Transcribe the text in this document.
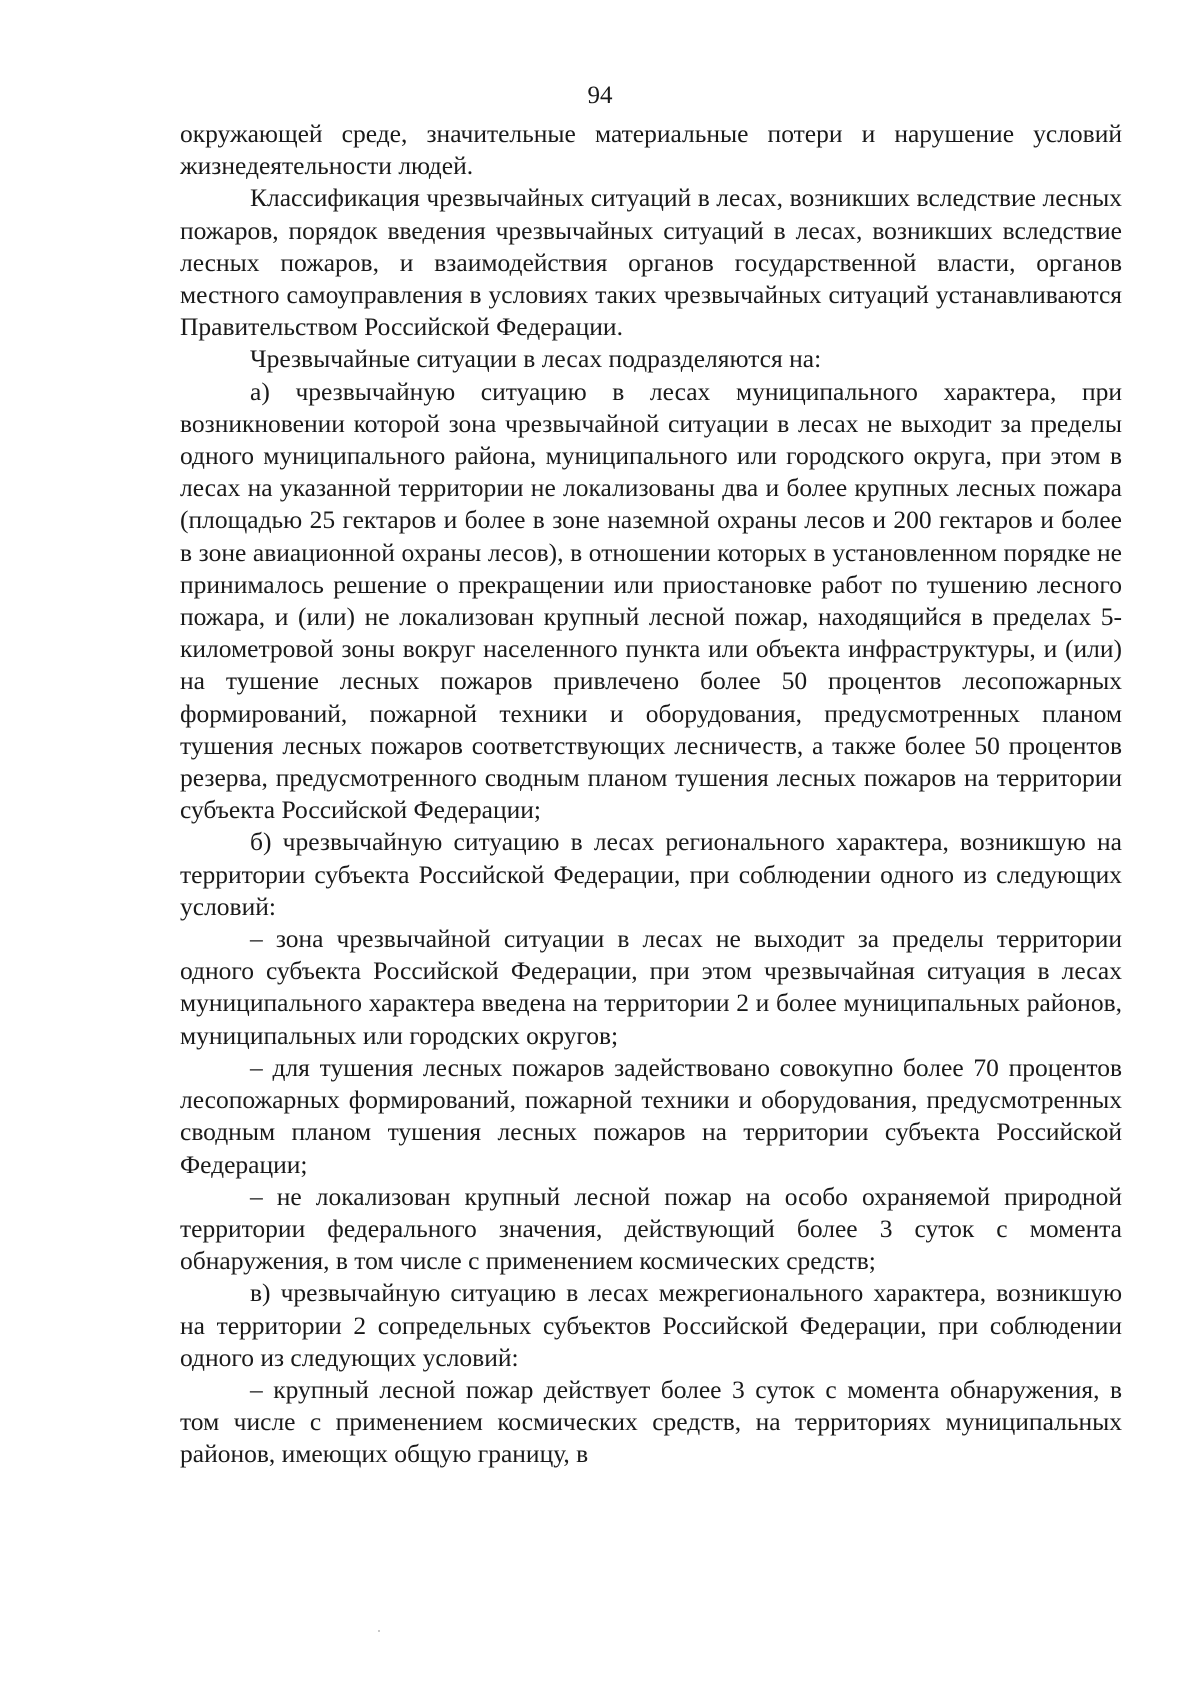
94

окружающей среде, значительные материальные потери и нарушение условий жизнедеятельности людей.

Классификация чрезвычайных ситуаций в лесах, возникших вследствие лесных пожаров, порядок введения чрезвычайных ситуаций в лесах, возникших вследствие лесных пожаров, и взаимодействия органов государственной власти, органов местного самоуправления в условиях таких чрезвычайных ситуаций устанавливаются Правительством Российской Федерации.

Чрезвычайные ситуации в лесах подразделяются на:

а) чрезвычайную ситуацию в лесах муниципального характера, при возникновении которой зона чрезвычайной ситуации в лесах не выходит за пределы одного муниципального района, муниципального или городского округа, при этом в лесах на указанной территории не локализованы два и более крупных лесных пожара (площадью 25 гектаров и более в зоне наземной охраны лесов и 200 гектаров и более в зоне авиационной охраны лесов), в отношении которых в установленном порядке не принималось решение о прекращении или приостановке работ по тушению лесного пожара, и (или) не локализован крупный лесной пожар, находящийся в пределах 5-километровой зоны вокруг населенного пункта или объекта инфраструктуры, и (или) на тушение лесных пожаров привлечено более 50 процентов лесопожарных формирований, пожарной техники и оборудования, предусмотренных планом тушения лесных пожаров соответствующих лесничеств, а также более 50 процентов резерва, предусмотренного сводным планом тушения лесных пожаров на территории субъекта Российской Федерации;

б) чрезвычайную ситуацию в лесах регионального характера, возникшую на территории субъекта Российской Федерации, при соблюдении одного из следующих условий:

– зона чрезвычайной ситуации в лесах не выходит за пределы территории одного субъекта Российской Федерации, при этом чрезвычайная ситуация в лесах муниципального характера введена на территории 2 и более муниципальных районов, муниципальных или городских округов;

– для тушения лесных пожаров задействовано совокупно более 70 процентов лесопожарных формирований, пожарной техники и оборудования, предусмотренных сводным планом тушения лесных пожаров на территории субъекта Российской Федерации;

– не локализован крупный лесной пожар на особо охраняемой природной территории федерального значения, действующий более 3 суток с момента обнаружения, в том числе с применением космических средств;

в) чрезвычайную ситуацию в лесах межрегионального характера, возникшую на территории 2 сопредельных субъектов Российской Федерации, при соблюдении одного из следующих условий:

– крупный лесной пожар действует более 3 суток с момента обнаружения, в том числе с применением космических средств, на территориях муниципальных районов, имеющих общую границу, в
